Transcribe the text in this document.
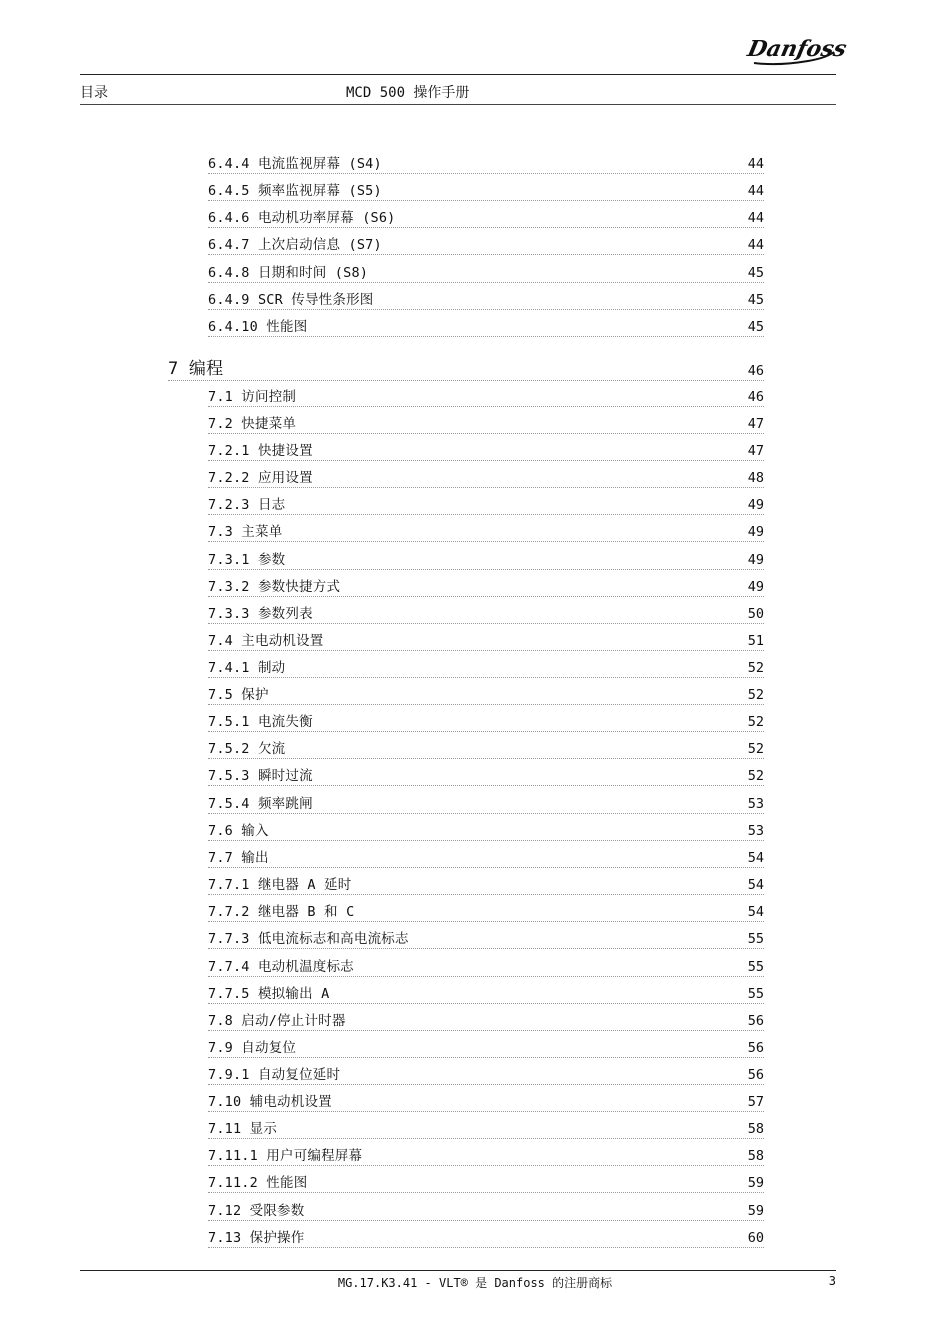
Danfoss
目录	MCD 500 操作手册
6.4.4 电流监视屏幕 (S4)	44
6.4.5 频率监视屏幕 (S5)	44
6.4.6 电动机功率屏幕 (S6)	44
6.4.7 上次启动信息 (S7)	44
6.4.8 日期和时间 (S8)	45
6.4.9 SCR 传导性条形图	45
6.4.10 性能图	45
7 编程	46
7.1 访问控制	46
7.2 快捷菜单	47
7.2.1 快捷设置	47
7.2.2 应用设置	48
7.2.3 日志	49
7.3 主菜单	49
7.3.1 参数	49
7.3.2 参数快捷方式	49
7.3.3 参数列表	50
7.4 主电动机设置	51
7.4.1 制动	52
7.5 保护	52
7.5.1 电流失衡	52
7.5.2 欠流	52
7.5.3 瞬时过流	52
7.5.4 频率跳闸	53
7.6 输入	53
7.7 输出	54
7.7.1 继电器 A 延时	54
7.7.2 继电器 B 和 C	54
7.7.3 低电流标志和高电流标志	55
7.7.4 电动机温度标志	55
7.7.5 模拟输出 A	55
7.8 启动/停止计时器	56
7.9 自动复位	56
7.9.1 自动复位延时	56
7.10 辅电动机设置	57
7.11 显示	58
7.11.1 用户可编程屏幕	58
7.11.2 性能图	59
7.12 受限参数	59
7.13 保护操作	60
MG.17.K3.41 - VLT® 是 Danfoss 的注册商标	3
